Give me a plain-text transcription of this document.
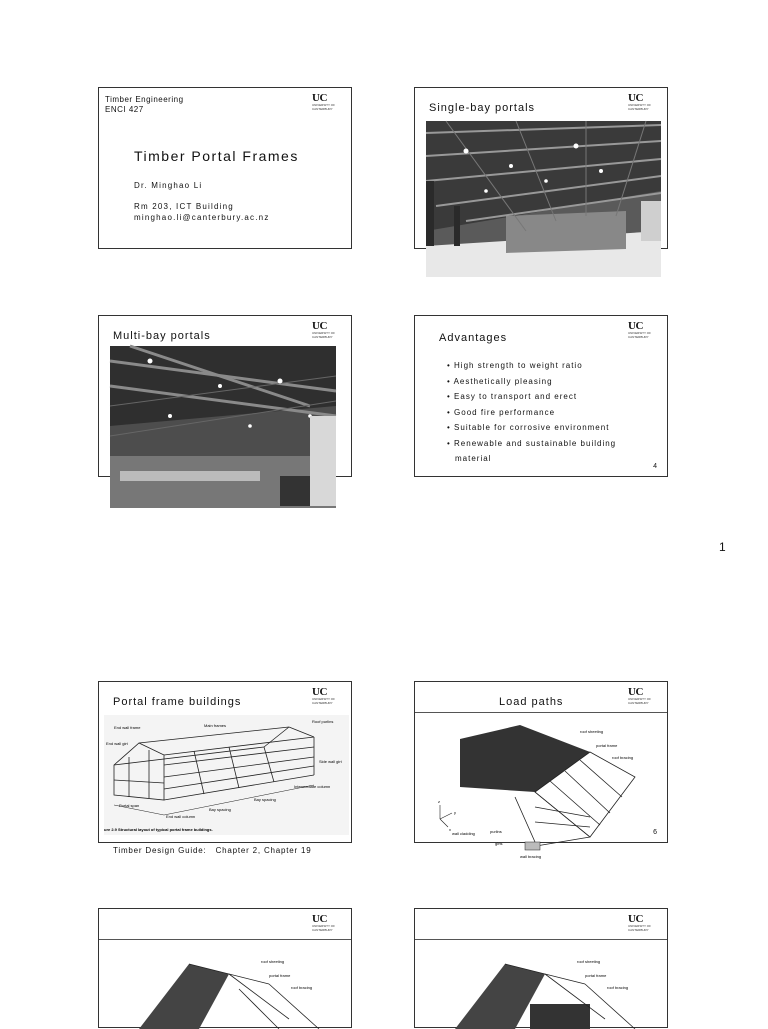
UC
UNIVERSITY OF
CANTERBURY
Timber Engineering
ENCI 427
Timber Portal Frames
Dr. Minghao Li
Rm 203, ICT Building
minghao.li@canterbury.ac.nz
UC
UNIVERSITY OF
CANTERBURY
Single-bay portals
UC
UNIVERSITY OF
CANTERBURY
Multi-bay portals
UC
UNIVERSITY OF
CANTERBURY
Advantages
• High strength to weight ratio
• Aesthetically pleasing
• Easy to transport and erect
• Good fire performance
• Suitable for corrosive environment
• Renewable and sustainable building
material
4
1
UC
UNIVERSITY OF
CANTERBURY
Portal frame buildings
Main frames
End wall frame
Roof purlins
End wall girt
Side wall girt
Intermediate column
Bay spacing
Bay spacing
End wall column
Portal span
ure 2.9 Structural layout of typical portal frame buildings.
Timber Design Guide:   Chapter 2, Chapter 19
UC
UNIVERSITY OF
CANTERBURY
Load paths
z
y
x
roof sheeting
portal frame
roof bracing
wall cladding	purlins
girts
wall bracing
6
UC
UNIVERSITY OF
CANTERBURY
roof sheeting
portal frame
roof bracing
UC
UNIVERSITY OF
CANTERBURY
roof sheeting
portal frame
roof bracing
